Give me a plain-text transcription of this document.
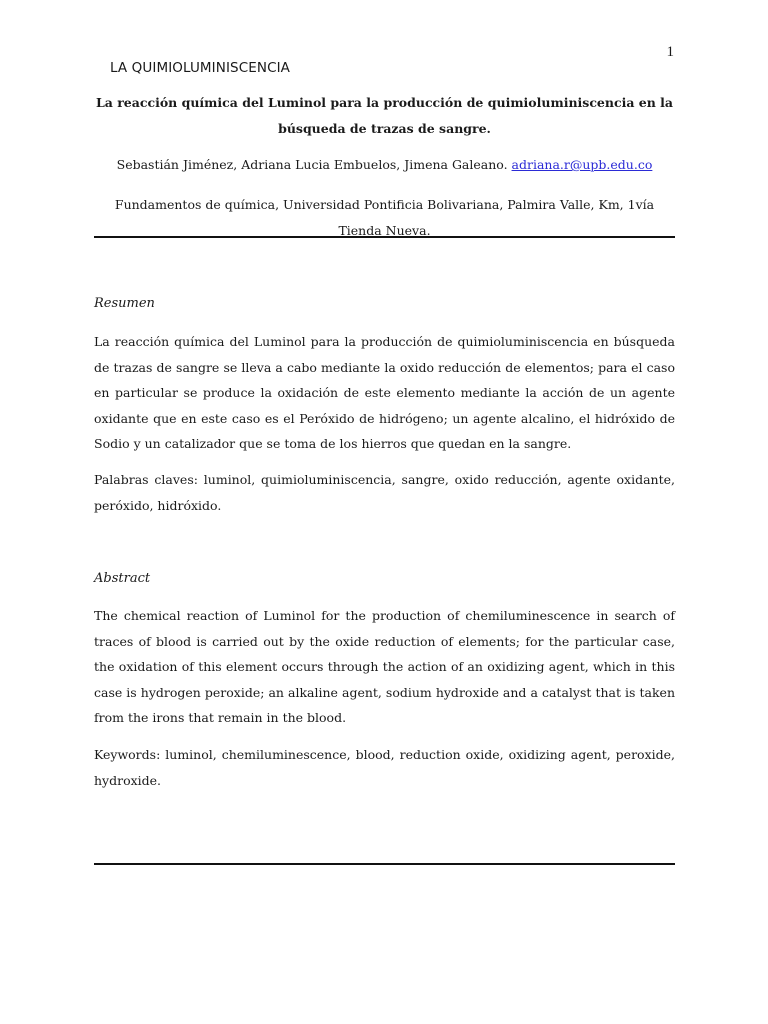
1
LA QUIMIOLUMINISCENCIA
La reacción química del Luminol para la producción de quimioluminiscencia en la búsqueda de trazas de sangre.
Sebastián Jiménez, Adriana Lucia Embuelos, Jimena Galeano. adriana.r@upb.edu.co
Fundamentos de química, Universidad Pontificia Bolivariana, Palmira Valle, Km, 1vía Tienda Nueva.
Resumen
La reacción química del Luminol para la producción de quimioluminiscencia en búsqueda de trazas de sangre se lleva a cabo mediante la oxido reducción de elementos; para el caso en particular se produce la oxidación de este elemento mediante la acción de un agente oxidante que en este caso es el Peróxido de hidrógeno; un agente alcalino, el hidróxido de Sodio y un catalizador que se toma de los hierros que quedan en la sangre.
Palabras claves: luminol, quimioluminiscencia, sangre, oxido reducción, agente oxidante, peróxido, hidróxido.
Abstract
The chemical reaction of Luminol for the production of chemiluminescence in search of traces of blood is carried out by the oxide reduction of elements; for the particular case, the oxidation of this element occurs through the action of an oxidizing agent, which in this case is hydrogen peroxide; an alkaline agent, sodium hydroxide and a catalyst that is taken from the irons that remain in the blood.
Keywords: luminol, chemiluminescence, blood, reduction oxide, oxidizing agent, peroxide, hydroxide.
